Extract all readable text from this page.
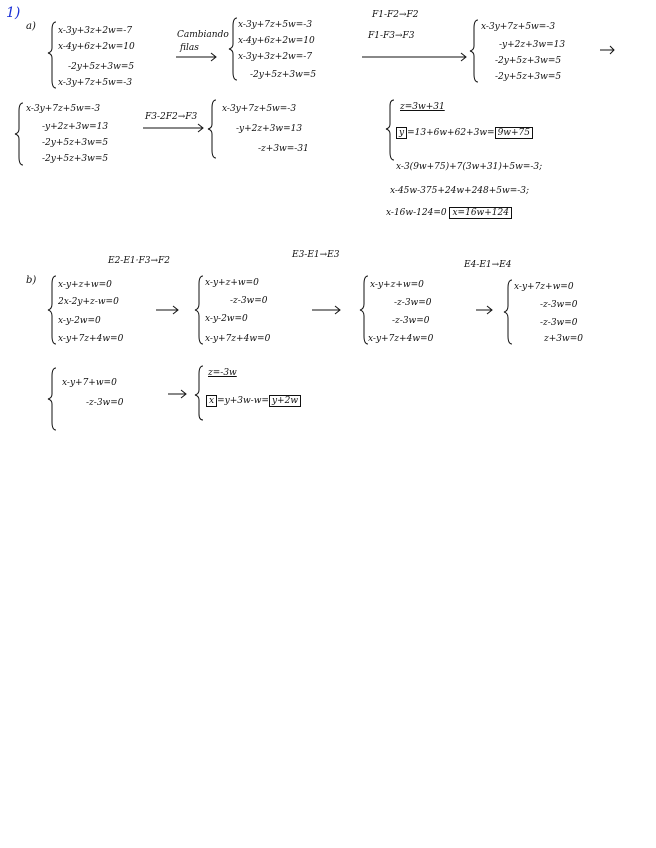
1)
a) x-3y+3z+2w=-7
x-4y+6z+2w=10
-2y+5z+3w=5
x-3y+7z+5w=-3
Cambiando
filas
x-3y+7z+5w=-3
x-4y+6z+2w=10
x-3y+3z+2w=-7
-2y+5z+3w=5
F1-F2→F2
F1-F3→F3
x-3y+7z+5w=-3
-y+2z+3w=13
-2y+5z+3w=5
-2y+5z+3w=5
x-3y+7z+5w=-3
-y+2z+3w=13
-2y+5z+3w=5
-2y+5z+3w=5
F3-2F2→F3
x-3y+7z+5w=-3
-y+2z+3w=13
-z+3w=-31
z=3w+31
y =13+6w+62+3w= 9w+75
x-3(9w+75)+7(3w+31)+5w=-3;
x-45w-375+24w+248+5w=-3;
x-16w-124=0 x=16w+124
b)
E2-E1·F3→F2
E3-E1→E3
E4-E1→E4
x-y+z+w=0
2x-2y+z-w=0
x-y-2w=0
x-y+7z+4w=0
x-y+z+w=0
-z-3w=0
x-y-2w=0
x-y+7z+4w=0
x-y+z+w=0
-z-3w=0
-z-3w=0
x-y+7z+4w=0
x-y+7z+w=0
-z-3w=0
-z-3w=0
z+3w=0
x-y+7+w=0
-z-3w=0
z=-3w
x =y+3w-w= y+2w
